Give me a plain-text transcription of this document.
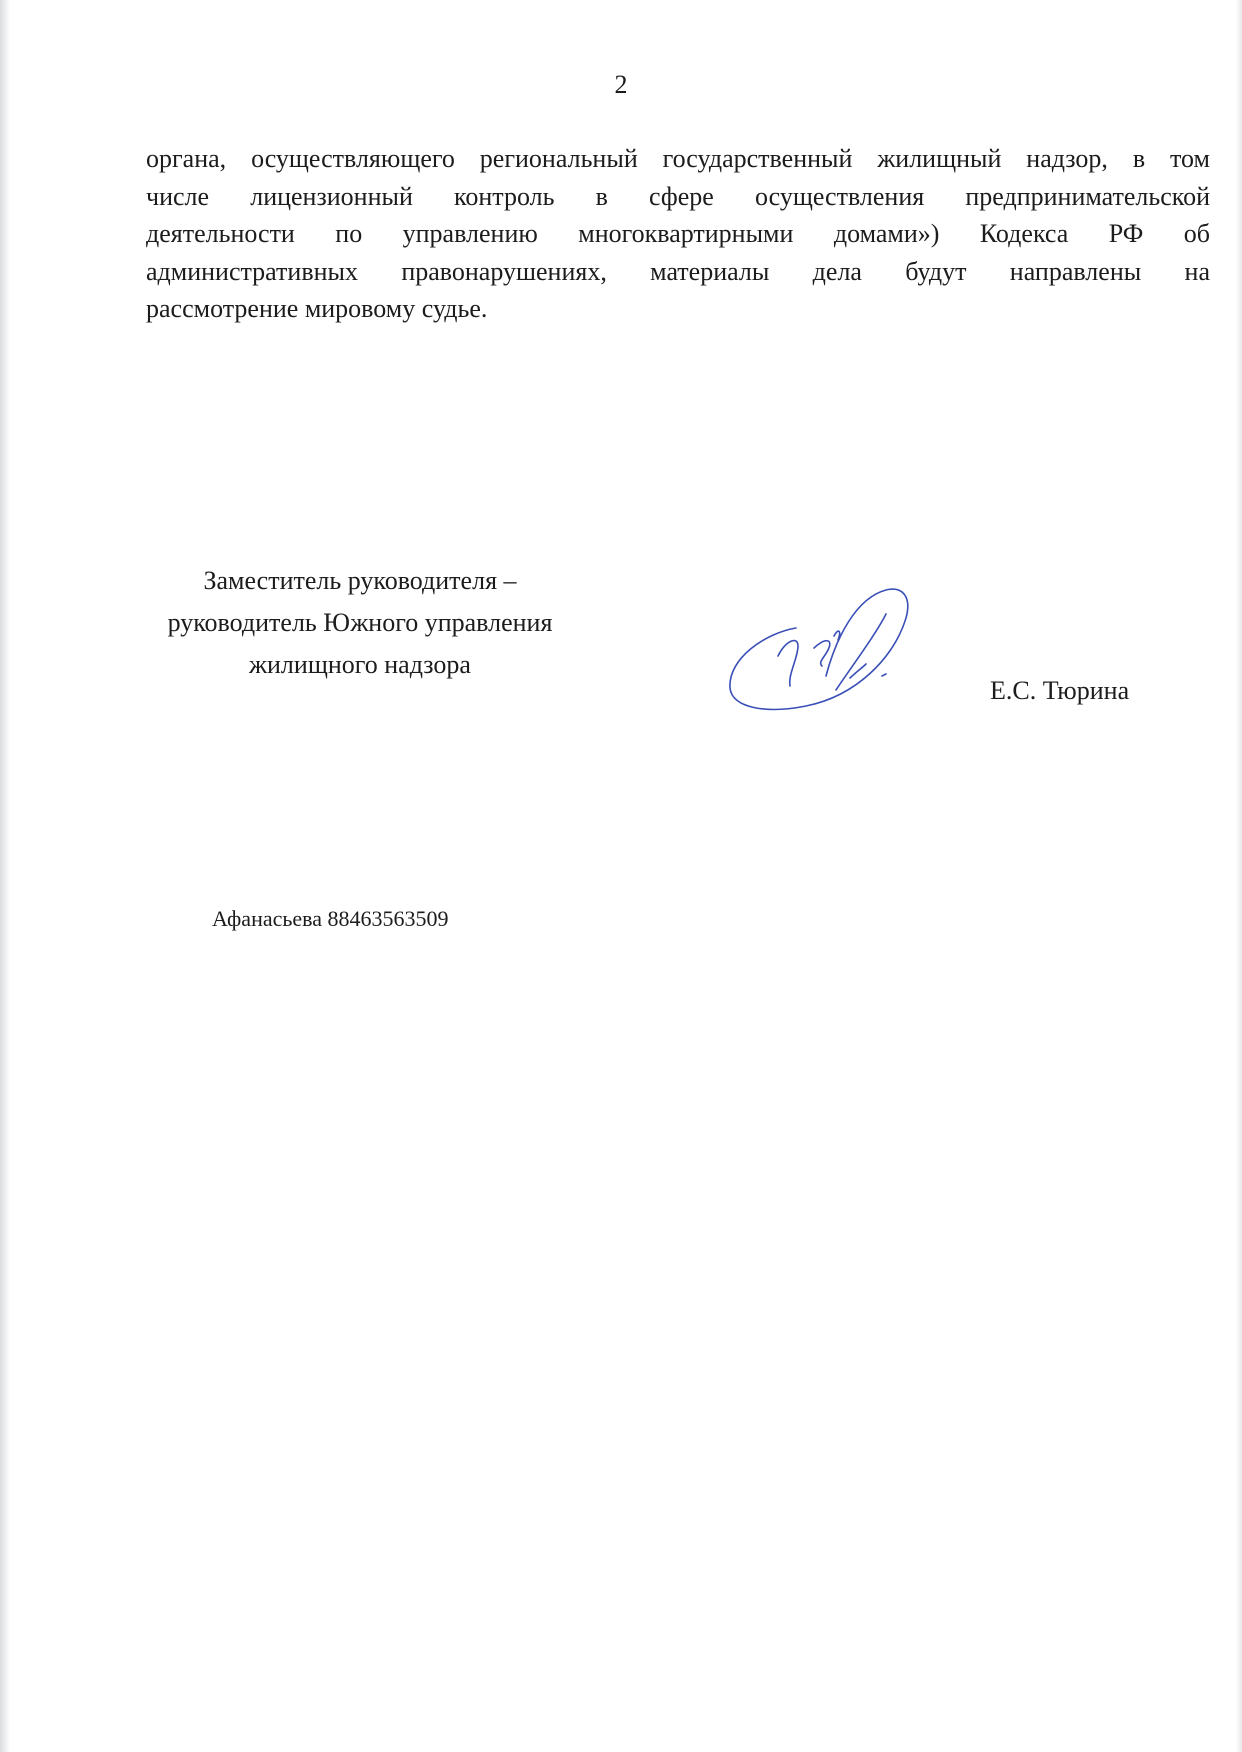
2

органа, осуществляющего региональный государственный жилищный надзор, в том
числе лицензионный контроль в сфере осуществления предпринимательской
деятельности по управлению многоквартирными домами») Кодекса РФ об
административных правонарушениях, материалы дела будут направлены на
рассмотрение мировому судье.

Заместитель руководителя –
руководитель Южного управления
жилищного надзора
Е.С. Тюрина
Афанасьева 88463563509
